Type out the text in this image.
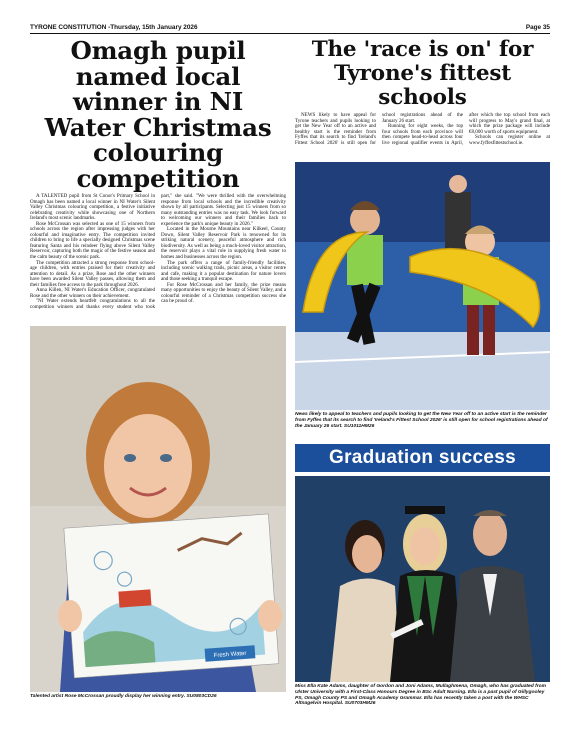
TYRONE CONSTITUTION -Thursday, 15th January 2026	Page 35
Omagh pupil named local winner in NI Water Christmas colouring competition

A TALENTED pupil from St Conor's Primary School in Omagh has been named a local winner in NI Water's Silent Valley Christmas colouring competition, a festive initiative celebrating creativity while showcasing one of Northern Ireland's most scenic landmarks.

Rose McCrossan was selected as one of 15 winners from schools across the region after impressing judges with her colourful and imaginative entry. The competition invited children to bring to life a specially designed Christmas scene featuring Santa and his reindeer flying above Silent Valley Reservoir, capturing both the magic of the festive season and the calm beauty of the scenic park.

The competition attracted a strong response from school-age children, with entries praised for their creativity and attention to detail. As a prize, Rose and the other winners have been awarded Silent Valley passes, allowing them and their families free access to the park throughout 2026.

Anna Killen, NI Water's Education Officer, congratulated Rose and the other winners on their achievement.

"NI Water extends heartfelt congratulations to all the competition winners and thanks every student who took part," she said. "We were thrilled with the overwhelming response from local schools and the incredible creativity shown by all participants. Selecting just 15 winners from so many outstanding entries was no easy task. We look forward to welcoming our winners and their families back to experience the park's unique beauty in 2026."

Located in the Mourne Mountains near Kilkeel, County Down, Silent Valley Reservoir Park is renowned for its striking natural scenery, peaceful atmosphere and rich biodiversity. As well as being a much-loved visitor attraction, the reservoir plays a vital role in supplying fresh water to homes and businesses across the region.

The park offers a range of family-friendly facilities, including scenic walking trails, picnic areas, a visitor centre and cafe, making it a popular destination for nature lovers and those seeking a tranquil escape.

For Rose McCrossan and her family, the prize means many opportunities to enjoy the beauty of Silent Valley, and a colourful reminder of a Christmas competition success she can be proud of.

Fresh Water
Talented artist Rose McCrossan proudly display her winning entry. SU0803CD26
The 'race is on' for Tyrone's fittest schools

NEWS likely to have appeal for Tyrone teachers and pupils looking to get the New Year off to an active and healthy start is the reminder from Fyffes that its search to find 'Ireland's Fittest School 2026' is still open for school registrations ahead of the January 26 start.

Running for eight weeks, the top four schools from each province will then compete head-to-head across four live regional qualifier events in April, after which the top school from each will progress to May's grand final, at which the prize package will include €8,000 worth of sports equipment.

Schools can register online at www.fyffesfittestschool.ie.

News likely to appeal to teachers and pupils looking to get the New Year off to an active start is the reminder from Fyffes that its search to find 'Ireland's Fittest School 2026' is still open for school registrations ahead of the January 26 start. SU1011HM26
Graduation success
Miss Ella Kate Adams, daughter of Gordon and Joni Adams, Mullaghmena, Omagh, who has graduated from Ulster University with a First-Class Honours Degree in BSc Adult Nursing. Ella is a past pupil of Gillygooley PS, Omagh County PS and Omagh Academy Grammar. Ella has recently taken a post with the WHSC Altnagelvin Hospital. SU0703HM26
